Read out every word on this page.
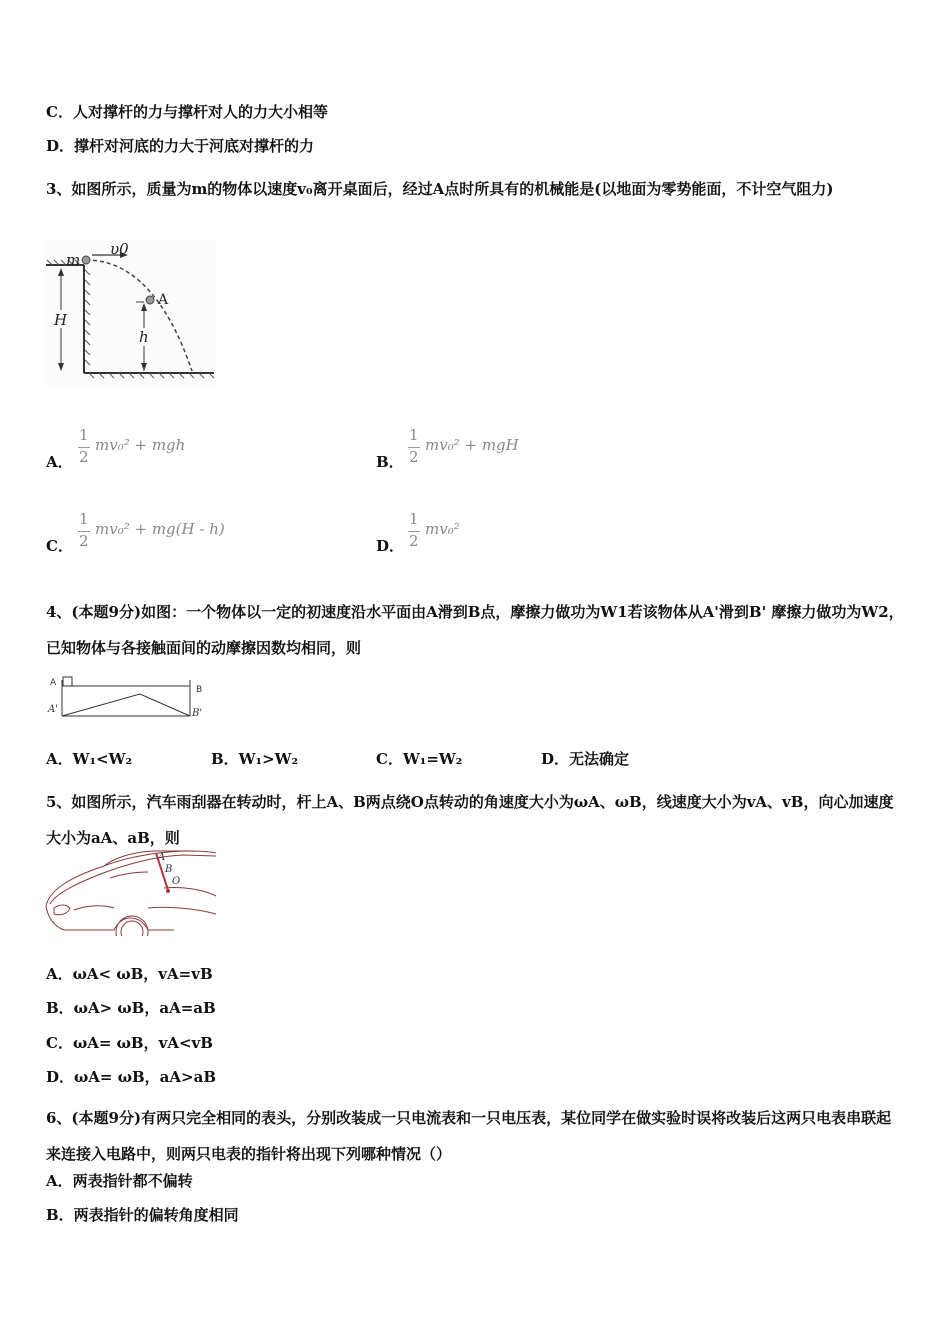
C．人对撑杆的力与撑杆对人的力大小相等
D．撑杆对河底的力大于河底对撑杆的力
3、如图所示，质量为m的物体以速度v₀离开桌面后，经过A点时所具有的机械能是(以地面为零势能面，不计空气阻力)
m
υ0
A
H
h
A．
1
2
mv₀² + mgh
B．
1
2
mv₀² + mgH
C．
1
2
mv₀² + mg(H - h)
D．
1
2
mv₀²
4、(本题9分)如图：一个物体以一定的初速度沿水平面由A滑到B点，摩擦力做功为W1若该物体从A'滑到B' 摩擦力做功为W2，已知物体与各接触面间的动摩擦因数均相同，则
A
B
A'	B'
A．W₁<W₂	B．W₁>W₂	C．W₁=W₂	D．无法确定
5、如图所示，汽车雨刮器在转动时，杆上A、B两点绕O点转动的角速度大小为ωA、ωB，线速度大小为vA、vB，向心加速度大小为aA、aB，则
A
B
O
A．ωA< ωB，vA=vB
B．ωA> ωB，aA=aB
C．ωA= ωB，vA<vB
D．ωA= ωB，aA>aB
6、(本题9分)有两只完全相同的表头，分别改装成一只电流表和一只电压表，某位同学在做实验时误将改装后这两只电表串联起来连接入电路中，则两只电表的指针将出现下列哪种情况（）
A．两表指针都不偏转
B．两表指针的偏转角度相同
